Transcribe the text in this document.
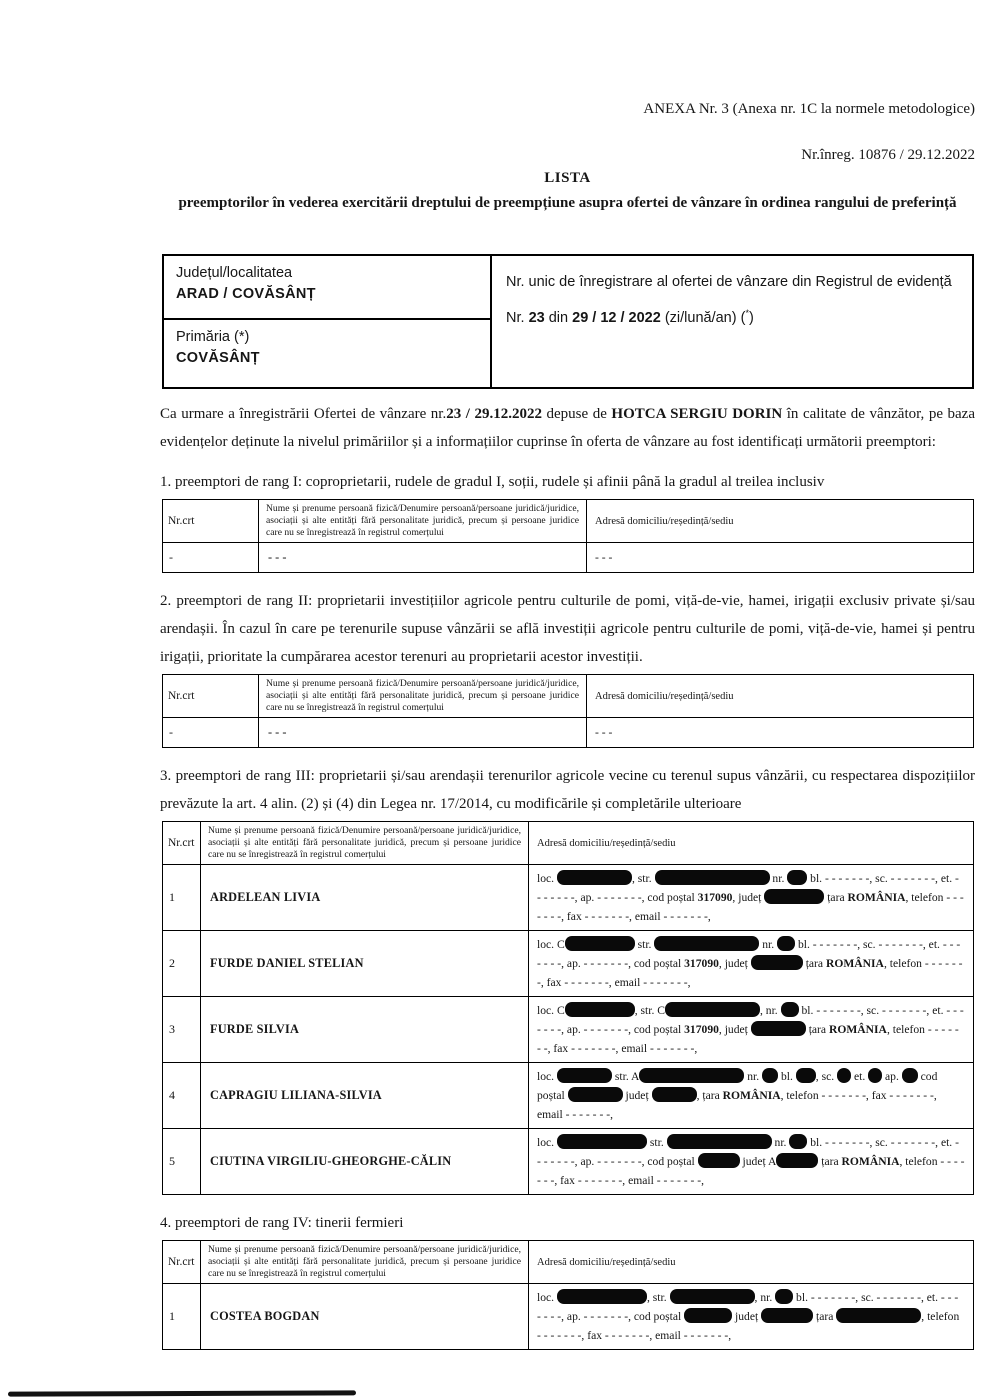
ANEXA Nr. 3 (Anexa nr. 1C la normele metodologice)
Nr.înreg. 10876 / 29.12.2022
LISTA
preemptorilor în vederea exercitării dreptului de preempțiune asupra ofertei de vânzare în ordinea rangului de preferință
Județul/localitatea
ARAD / COVĂSÂNȚ

Nr. unic de înregistrare al ofertei de vânzare din Registrul de evidență
Nr. 23 din 29 / 12 / 2022 (zi/lună/an) (*)

Primăria (*)
COVĂSÂNȚ

Ca urmare a înregistrării Ofertei de vânzare nr.23 / 29.12.2022 depuse de HOTCA SERGIU DORIN în calitate de vânzător, pe baza evidențelor deținute la nivelul primăriilor și a informațiilor cuprinse în oferta de vânzare au fost identificați următorii preemptori:

1. preemptori de rang I: coproprietarii, rudele de gradul I, soții, rudele și afinii până la gradul al treilea inclusiv

Nr.crt	Nume și prenume persoană fizică/Denumire persoană/persoane juridică/juridice, asociații și alte entități fără personalitate juridică, precum și persoane juridice care nu se înregistrează în registrul comerțului	Adresă domiciliu/reședință/sediu
-	- - -	- - -

2. preemptori de rang II: proprietarii investițiilor agricole pentru culturile de pomi, viță-de-vie, hamei, irigații exclusiv private și/sau arendașii. În cazul în care pe terenurile supuse vânzării se află investiții agricole pentru culturile de pomi, viță-de-vie, hamei și pentru irigații, prioritate la cumpărarea acestor terenuri au proprietarii acestor investiții.

Nr.crt	Nume și prenume persoană fizică/Denumire persoană/persoane juridică/juridice, asociații și alte entități fără personalitate juridică, precum și persoane juridice care nu se înregistrează în registrul comerțului	Adresă domiciliu/reședință/sediu
-	- - -	- - -

3. preemptori de rang III: proprietarii și/sau arendașii terenurilor agricole vecine cu terenul supus vânzării, cu respectarea dispozițiilor prevăzute la art. 4 alin. (2) și (4) din Legea nr. 17/2014, cu modificările și completările ulterioare

Nr.crt	Nume și prenume persoană fizică/Denumire persoană/persoane juridică/juridice, asociații și alte entități fără personalitate juridică, precum și persoane juridice care nu se înregistrează în registrul comerțului	Adresă domiciliu/reședință/sediu
1	ARDELEAN LIVIA	loc. , str. nr.  bl. - - - - - - -, sc. - - - - - - -, et. - - - - - - -, ap. - - - - - - -, cod poștal 317090, județ țara ROMÂNIA, telefon - - - - - - -, fax - - - - - - -, email - - - - - - -,
2	FURDE DANIEL STELIAN	loc. C str. nr.  bl. - - - - - - -, sc. - - - - - - -, et. - - - - - - -, ap. - - - - - - -, cod poștal 317090, județ țara ROMÂNIA, telefon - - - - - - -, fax - - - - - - -, email - - - - - - -,
3	FURDE SILVIA	loc. C , str. C , nr.  bl. - - - - - - -, sc. - - - - - - -, et. - - - - - - -, ap. - - - - - - -, cod poștal 317090, județ țara ROMÂNIA, telefon - - - - - - -, fax - - - - - - -, email - - - - - - -,
4	CAPRAGIU LILIANA-SILVIA	loc. str. A nr.  bl. , sc.  et.  ap.  cod poștal județ , țara ROMÂNIA, telefon - - - - - - -, fax - - - - - - -, email - - - - - - -,
5	CIUTINA VIRGILIU-GHEORGHE-CĂLIN	loc. str. nr.  bl. - - - - - - -, sc. - - - - - - -, et. - - - - - - -, ap. - - - - - - -, cod poștal județ A țara ROMÂNIA, telefon - - - - - - -, fax - - - - - - -, email - - - - - - -,

4. preemptori de rang IV: tinerii fermieri

Nr.crt	Nume și prenume persoană fizică/Denumire persoană/persoane juridică/juridice, asociații și alte entități fără personalitate juridică, precum și persoane juridice care nu se înregistrează în registrul comerțului	Adresă domiciliu/reședință/sediu
1	COSTEA BOGDAN	loc. , str. , nr.  bl. - - - - - - -, sc. - - - - - - -, et. - - - - - - -, ap. - - - - - - -, cod poștal județ țara , telefon - - - - - - -, fax - - - - - - -, email - - - - - - -,
